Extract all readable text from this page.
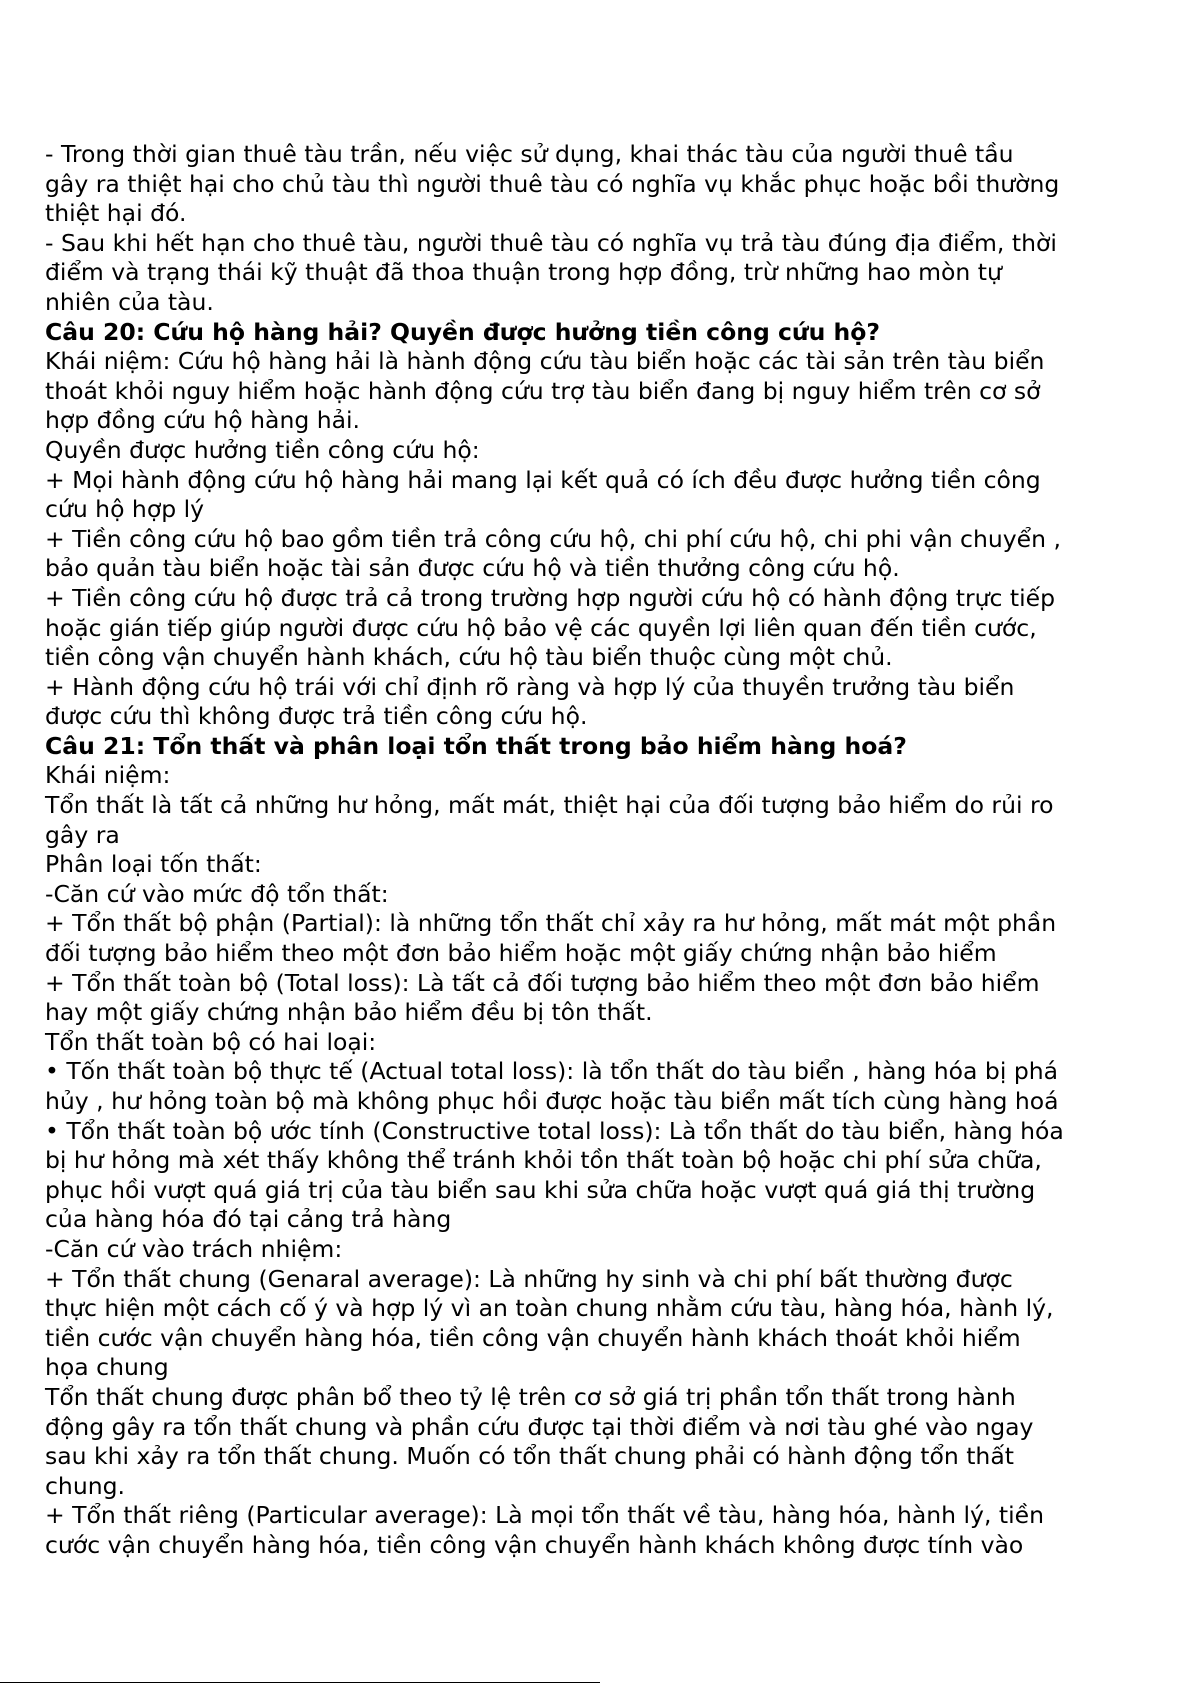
- Trong thời gian thuê tàu trần, nếu việc sử dụng, khai thác tàu của người thuê tầu
gây ra thiệt hại cho chủ tàu thì người thuê tàu có nghĩa vụ khắc phục hoặc bồi thường
thiệt hại đó.
- Sau khi hết hạn cho thuê tàu, người thuê tàu có nghĩa vụ trả tàu đúng địa điểm, thời
điểm và trạng thái kỹ thuật đã thoa thuận trong hợp đồng, trừ những hao mòn tự
nhiên của tàu.
Câu 20: Cứu hộ hàng hải? Quyền được hưởng tiền công cứu hộ?
Khái niệm: Cứu hộ hàng hải là hành động cứu tàu biển hoặc các tài sản trên tàu biển
thoát khỏi nguy hiểm hoặc hành động cứu trợ tàu biển đang bị nguy hiểm trên cơ sở
hợp đồng cứu hộ hàng hải.
Quyền được hưởng tiền công cứu hộ:
+ Mọi hành động cứu hộ hàng hải mang lại kết quả có ích đều được hưởng tiền công
cứu hộ hợp lý
+ Tiền công cứu hộ bao gồm tiền trả công cứu hộ, chi phí cứu hộ, chi phi vận chuyển ,
bảo quản tàu biển hoặc tài sản được cứu hộ và tiền thưởng công cứu hộ.
+ Tiền công cứu hộ được trả cả trong trường hợp người cứu hộ có hành động trực tiếp
hoặc gián tiếp giúp người được cứu hộ bảo vệ các quyền lợi liên quan đến tiền cước,
tiền công vận chuyển hành khách, cứu hộ tàu biển thuộc cùng một chủ.
+ Hành động cứu hộ trái với chỉ định rõ ràng và hợp lý của thuyền trưởng tàu biển
được cứu thì không được trả tiền công cứu hộ.
Câu 21: Tổn thất và phân loại tổn thất trong bảo hiểm hàng hoá?
Khái niệm:
Tổn thất là tất cả những hư hỏng, mất mát, thiệt hại của đối tượng bảo hiểm do rủi ro
gây ra
Phân loại tốn thất:
-Căn cứ vào mức độ tổn thất:
+ Tổn thất bộ phận (Partial): là những tổn thất chỉ xảy ra hư hỏng, mất mát một phần
đối tượng bảo hiểm theo một đơn bảo hiểm hoặc một giấy chứng nhận bảo hiểm
+ Tổn thất toàn bộ (Total loss): Là tất cả đối tượng bảo hiểm theo một đơn bảo hiểm
hay một giấy chứng nhận bảo hiểm đều bị tôn thất.
Tổn thất toàn bộ có hai loại:
• Tốn thất toàn bộ thực tế (Actual total loss): là tổn thất do tàu biển , hàng hóa bị phá
hủy , hư hỏng toàn bộ mà không phục hồi được hoặc tàu biển mất tích cùng hàng hoá
• Tổn thất toàn bộ ước tính (Constructive total loss): Là tổn thất do tàu biển, hàng hóa
bị hư hỏng mà xét thấy không thể tránh khỏi tồn thất toàn bộ hoặc chi phí sửa chữa,
phục hồi vượt quá giá trị của tàu biển sau khi sửa chữa hoặc vượt quá giá thị trường
của hàng hóa đó tại cảng trả hàng
-Căn cứ vào trách nhiệm:
+ Tổn thất chung (Genaral average): Là những hy sinh và chi phí bất thường được
thực hiện một cách cố ý và hợp lý vì an toàn chung nhằm cứu tàu, hàng hóa, hành lý,
tiền cước vận chuyển hàng hóa, tiền công vận chuyển hành khách thoát khỏi hiểm
họa chung
Tổn thất chung được phân bổ theo tỷ lệ trên cơ sở giá trị phần tổn thất trong hành
động gây ra tổn thất chung và phần cứu được tại thời điểm và nơi tàu ghé vào ngay
sau khi xảy ra tổn thất chung. Muốn có tổn thất chung phải có hành động tổn thất
chung.
+ Tổn thất riêng (Particular average): Là mọi tổn thất về tàu, hàng hóa, hành lý, tiền
cước vận chuyển hàng hóa, tiền công vận chuyển hành khách không được tính vào
